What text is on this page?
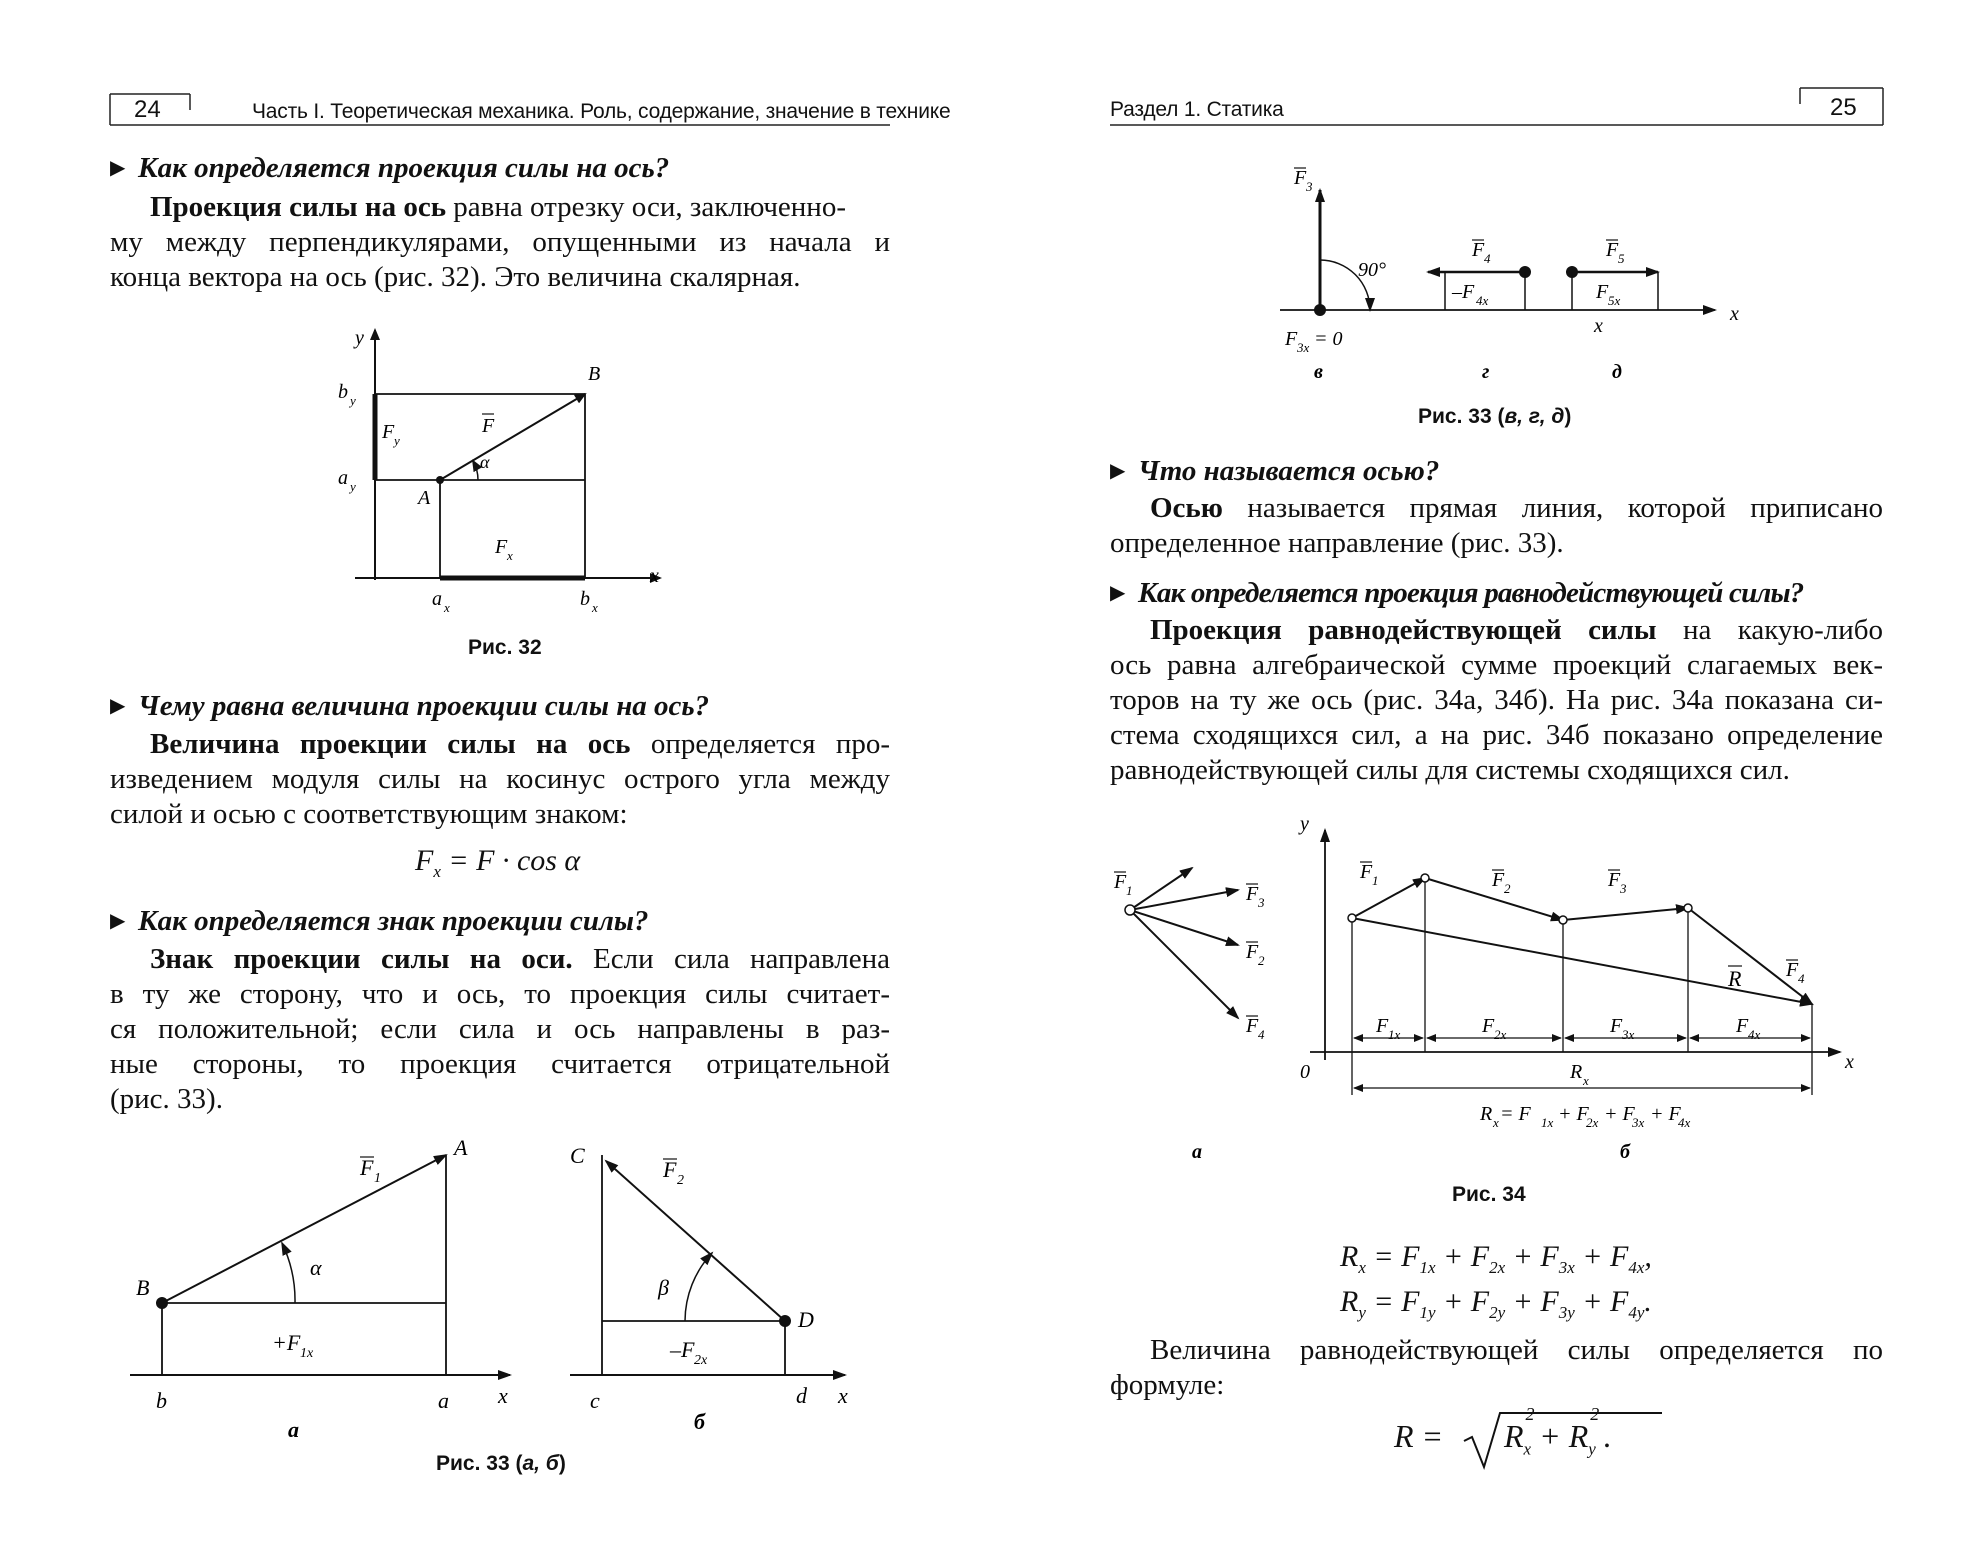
24	Часть I. Теоретическая механика. Роль, содержание, значение в технике
▶ Как определяется проекция силы на ось?
Проекция силы на ось равна отрезку оси, заключенно-
му между перпендикулярами, опущенными из начала и
конца вектора на ось (рис. 32). Это величина скалярная.
y
x
b y
a y
a x	b x
A
B
F
F y
F x
α
Рис. 32
▶ Чему равна величина проекции силы на ось?
Величина проекции силы на ось определяется про-
изведением модуля силы на косинус острого угла между
силой и осью с соответствующим знаком:
$F_x = F \cdot \cos \alpha$
▶ Как определяется знак проекции силы?
Знак проекции силы на оси. Если сила направлена
в ту же сторону, что и ось, то проекция силы считает-
ся положительной; если сила и ось направлены в раз-
ные стороны, то проекция считается отрицательной
(рис. 33).
F 1
A
B
α
+F 1x
b	a x
а
F 2
C
D
β
–F 2x
c	d x
б
Рис. 33 (а, б)
Раздел 1. Статика	25
F 3
90°
F 3x = 0
F 4
–F 4x
F 5
F 5x
x
x
в	г	д
Рис. 33 (в, г, д)
▶ Что называется осью?
Осью называется прямая линия, которой приписано
определенное направление (рис. 33).
▶ Как определяется проекция равнодействующей силы?
Проекция равнодействующей силы на какую-либо
ось равна алгебраической сумме проекций слагаемых век-
торов на ту же ось (рис. 34а, 34б). На рис. 34а показана си-
стема сходящихся сил, а на рис. 34б показано определение
равнодействующей силы для системы сходящихся сил.
F 1	F 3
F 2
F 4
а
y
x
0
F 1	F 2	F 3
F 4
R
F 1x	F 2x	F 3x	F 4x
R x
R x = F 1x + F
2x + F
3x + F
4x
б
Рис. 34
$R_x = F_{1x} + F_{2x} + F_{3x} + F_{4x}$,
$R_y = F_{1y} + F_{2y} + F_{3y} + F_{4y}$.
Величина равнодействующей силы определяется по
формуле:
R = R
2
$_x$ + R
2
$_y$ .
